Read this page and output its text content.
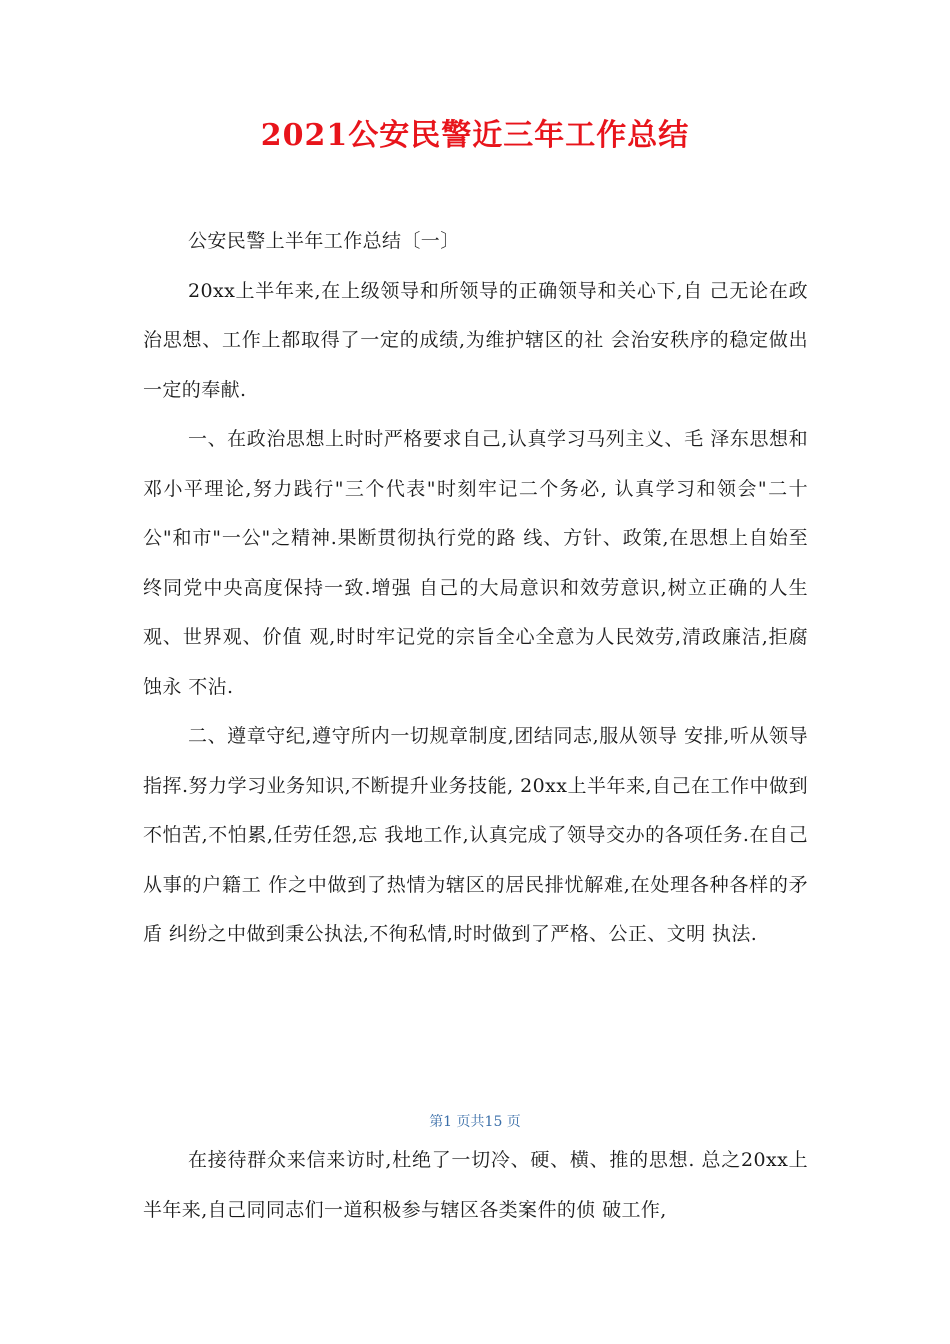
2021公安民警近三年工作总结

公安民警上半年工作总结〔一〕

20xx上半年来,在上级领导和所领导的正确领导和关心下,自 己无论在政治思想、工作上都取得了一定的成绩,为维护辖区的社 会治安秩序的稳定做出一定的奉献.

一、在政治思想上时时严格要求自己,认真学习马列主义、毛 泽东思想和邓小平理论,努力践行"三个代表"时刻牢记二个务必, 认真学习和领会"二十公"和市"一公"之精神.果断贯彻执行党的路 线、方针、政策,在思想上自始至终同党中央高度保持一致.增强 自己的大局意识和效劳意识,树立正确的人生观、世界观、价值 观,时时牢记党的宗旨全心全意为人民效劳,清政廉洁,拒腐蚀永 不沾.

二、遵章守纪,遵守所内一切规章制度,团结同志,服从领导 安排,听从领导指挥.努力学习业务知识,不断提升业务技能, 20xx上半年来,自己在工作中做到不怕苦,不怕累,任劳任怨,忘 我地工作,认真完成了领导交办的各项任务.在自己从事的户籍工 作之中做到了热情为辖区的居民排忧解难,在处理各种各样的矛盾 纠纷之中做到秉公执法,不徇私情,时时做到了严格、公正、文明 执法.

第1 页共15 页

在接待群众来信来访时,杜绝了一切冷、硬、横、推的思想. 总之20xx上半年来,自己同同志们一道积极参与辖区各类案件的侦 破工作,
